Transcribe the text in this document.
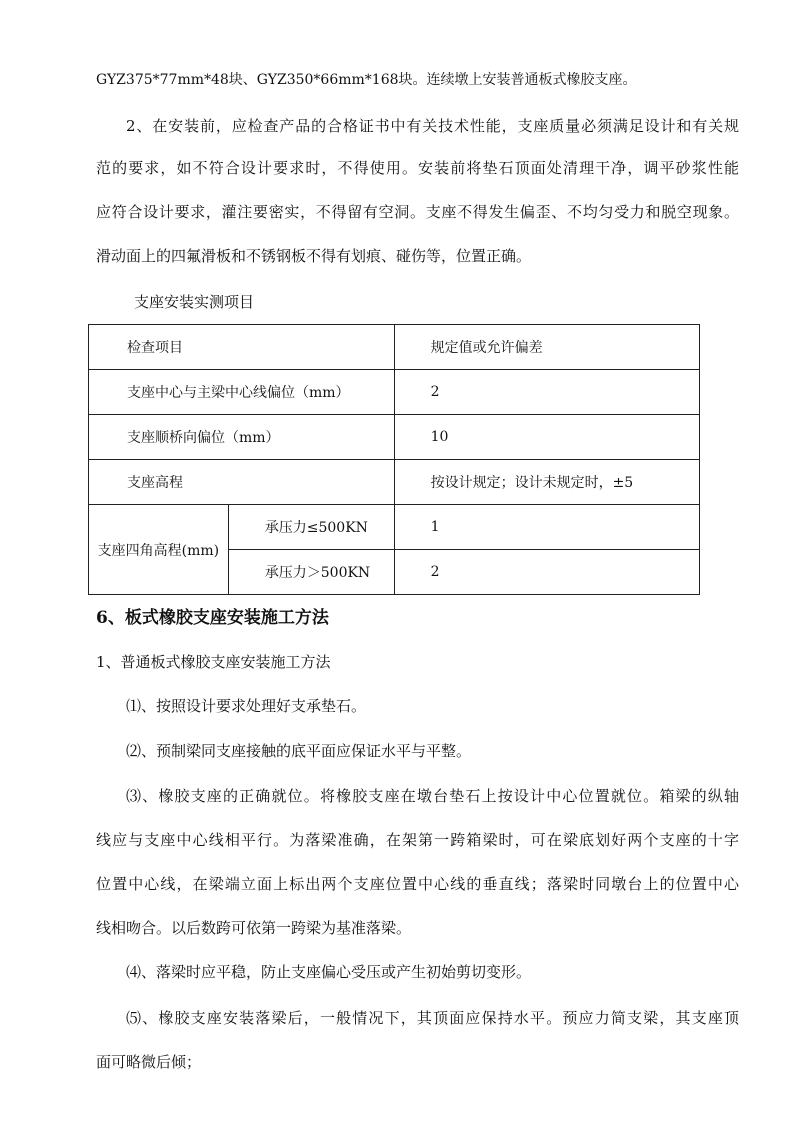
GYZ375*77mm*48块、GYZ350*66mm*168块。连续墩上安装普通板式橡胶支座。
2、在安装前，应检查产品的合格证书中有关技术性能，支座质量必须满足设计和有关规
范的要求，如不符合设计要求时，不得使用。安装前将垫石顶面处清理干净，调平砂浆性能
应符合设计要求，灌注要密实，不得留有空洞。支座不得发生偏歪、不均匀受力和脱空现象。
滑动面上的四氟滑板和不锈钢板不得有划痕、碰伤等，位置正确。
支座安装实测项目
检查项目		规定值或允许偏差
支座中心与主梁中心线偏位（mm）		2
支座顺桥向偏位（mm）		10
支座高程		按设计规定；设计未规定时，±5
支座四角高程(mm)	承压力≤500KN	1
	承压力＞500KN	2
6、板式橡胶支座安装施工方法
1、普通板式橡胶支座安装施工方法
⑴、按照设计要求处理好支承垫石。
⑵、预制梁同支座接触的底平面应保证水平与平整。
⑶、橡胶支座的正确就位。将橡胶支座在墩台垫石上按设计中心位置就位。箱梁的纵轴
线应与支座中心线相平行。为落梁准确，在架第一跨箱梁时，可在梁底划好两个支座的十字
位置中心线，在梁端立面上标出两个支座位置中心线的垂直线；落梁时同墩台上的位置中心
线相吻合。以后数跨可依第一跨梁为基准落梁。
⑷、落梁时应平稳，防止支座偏心受压或产生初始剪切变形。
⑸、橡胶支座安装落梁后，一般情况下，其顶面应保持水平。预应力简支梁，其支座顶
面可略微后倾；
